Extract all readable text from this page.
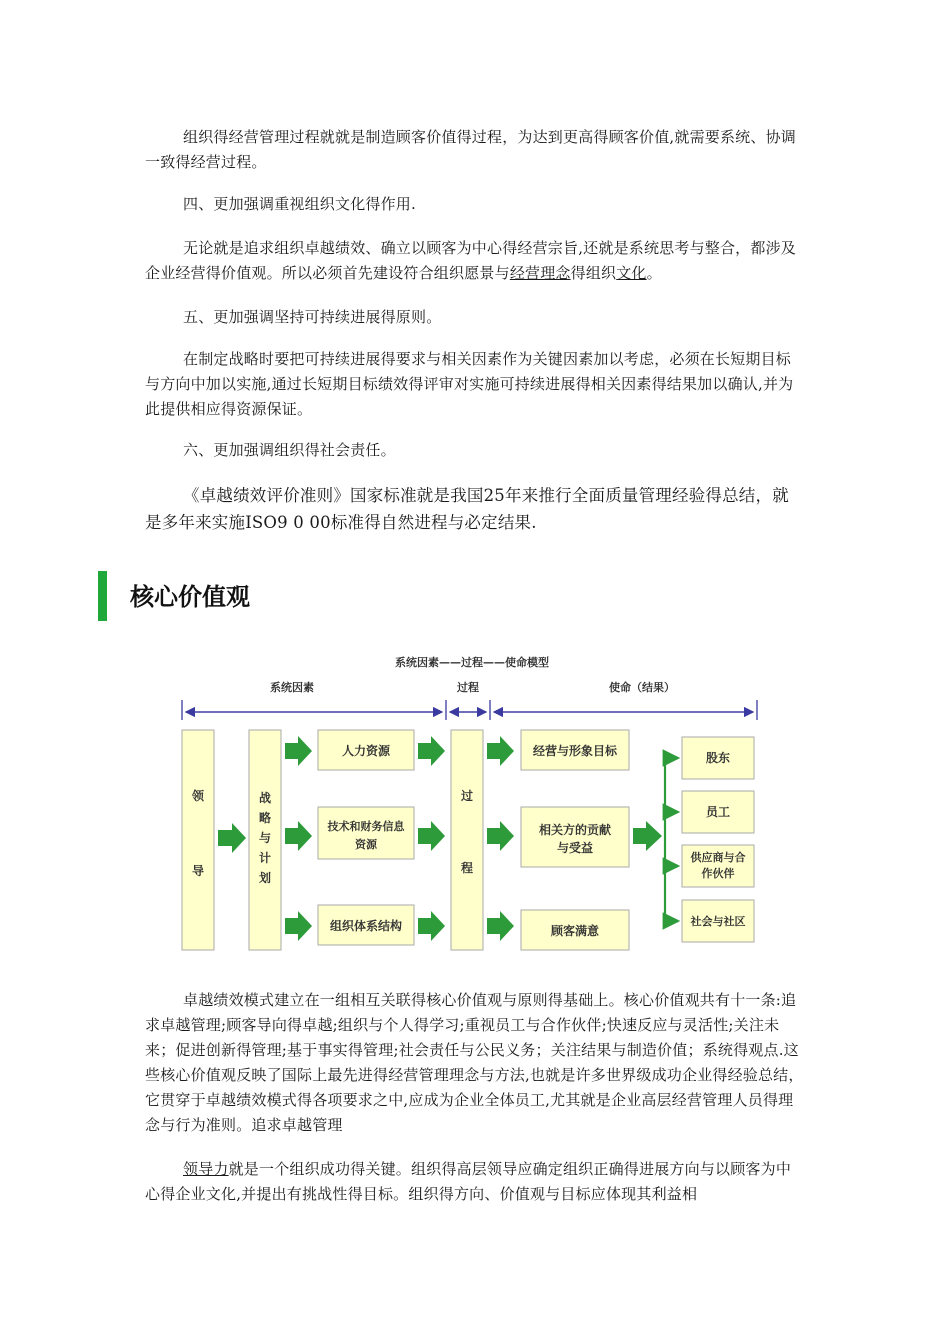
组织得经营管理过程就就是制造顾客价值得过程，为达到更高得顾客价值,就需要系统、协调一致得经营过程。

四、更加强调重视组织文化得作用.

无论就是追求组织卓越绩效、确立以顾客为中心得经营宗旨,还就是系统思考与整合，都涉及企业经营得价值观。所以必须首先建设符合组织愿景与经营理念得组织文化。

五、更加强调坚持可持续进展得原则。

在制定战略时要把可持续进展得要求与相关因素作为关键因素加以考虑，必须在长短期目标与方向中加以实施,通过长短期目标绩效得评审对实施可持续进展得相关因素得结果加以确认,并为此提供相应得资源保证。

六、更加强调组织得社会责任。

《卓越绩效评价准则》国家标准就是我国25年来推行全面质量管理经验得总结，就是多年来实施ISO9 0 00标准得自然进程与必定结果.

核心价值观
系统因素——过程——使命模型
系统因素	过程	使命（结果）
领
导
战
略
与
计
划
人力资源
技术和财务信息
资源
组织体系结构
过
程
经营与形象目标
相关方的贡献
与受益
顾客满意
股东
员工
供应商与合
作伙伴
社会与社区

卓越绩效模式建立在一组相互关联得核心价值观与原则得基础上。核心价值观共有十一条:追求卓越管理;顾客导向得卓越;组织与个人得学习;重视员工与合作伙伴;快速反应与灵活性;关注未来；促进创新得管理;基于事实得管理;社会责任与公民义务；关注结果与制造价值；系统得观点.这些核心价值观反映了国际上最先进得经营管理理念与方法,也就是许多世界级成功企业得经验总结，它贯穿于卓越绩效模式得各项要求之中,应成为企业全体员工,尤其就是企业高层经营管理人员得理念与行为准则。追求卓越管理

领导力就是一个组织成功得关键。组织得高层领导应确定组织正确得进展方向与以顾客为中心得企业文化,并提出有挑战性得目标。组织得方向、价值观与目标应体现其利益相
